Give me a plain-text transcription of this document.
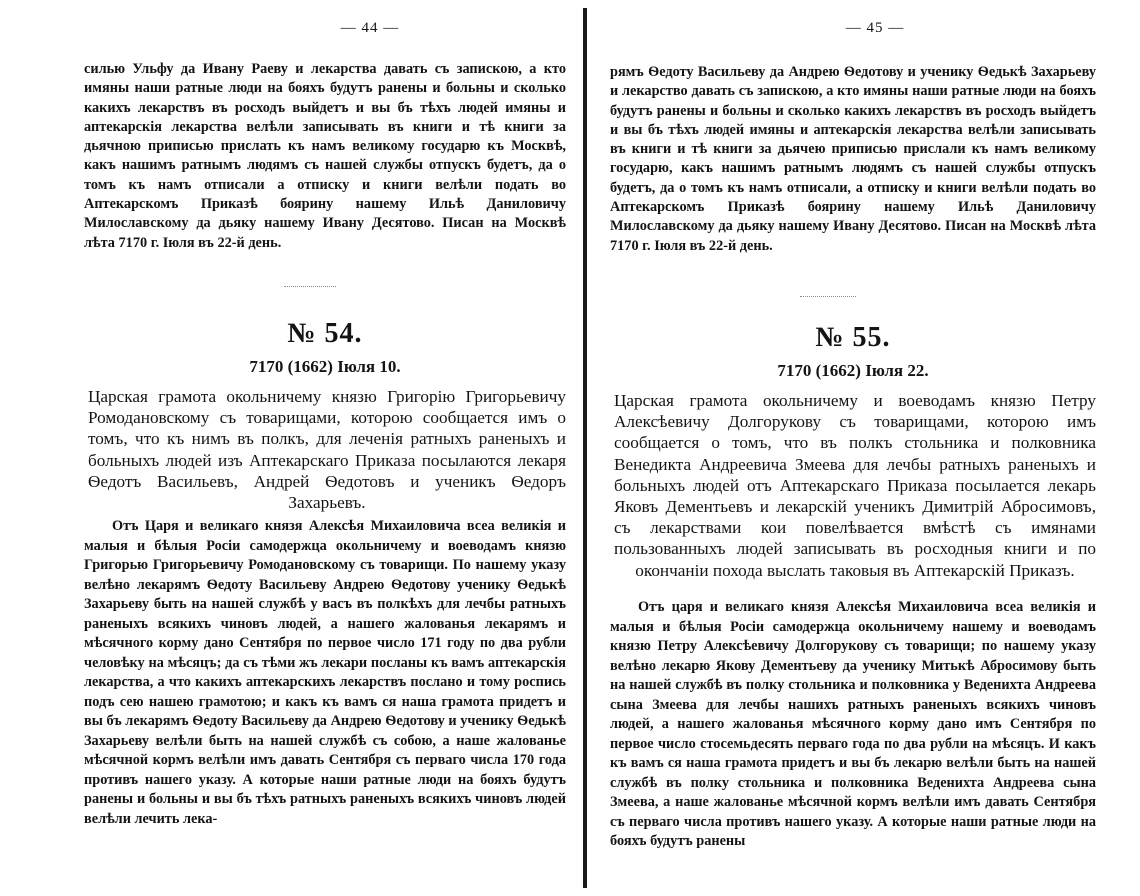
— 44 —

силью Ульфу да Ивану Раеву и лекарства давать съ запискою, а кто имяны наши ратные люди на бояхъ будутъ ранены и больны и сколько какихъ лекарствъ въ росходъ выйдетъ и вы бъ тѣхъ людей имяны и аптекарскія лекарства велѣли записывать въ книги и тѣ книги за дьячною приписью прислать къ намъ великому государю къ Москвѣ, какъ нашимъ ратнымъ людямъ съ нашей службы отпускъ будетъ, да о томъ къ намъ отписали а отписку и книги велѣли подать во Аптекарскомъ Приказѣ боярину нашему Ильѣ Даниловичу Милославскому да дьяку нашему Ивану Десятово. Писан на Москвѣ лѣта 7170 г. Іюля въ 22-й день.

№ 54.
7170 (1662) Іюля 10.
Царская грамота окольничему князю Григорію Григорьевичу Ромодановскому съ товарищами, которою сообщается имъ о томъ, что къ нимъ въ полкъ, для леченія ратныхъ раненыхъ и больныхъ людей изъ Аптекарскаго Приказа посылаются лекаря Ѳедотъ Васильевъ, Андрей Ѳедотовъ и ученикъ Ѳедоръ Захарьевъ.

Отъ Царя и великаго князя Алексѣя Михаиловича всеа великія и малыя и бѣлыя Росіи самодержца окольничему и воеводамъ князю Григорью Григорьевичу Ромодановскому съ товарищи. По нашему указу велѣно лекарямъ Ѳедоту Васильеву Андрею Ѳедотову ученику Ѳедькѣ Захарьеву быть на нашей службѣ у васъ въ полкѣхъ для лечбы ратныхъ раненыхъ всякихъ чиновъ людей, а нашего жалованья лекарямъ и мѣсячного корму дано Сентября по первое число 171 году по два рубли человѣку на мѣсяцъ; да съ тѣми жъ лекари посланы къ вамъ аптекарскія лекарства, а что какихъ аптекарскихъ лекарствъ послано и тому роспись подъ сею нашею грамотою; и какъ къ вамъ ся наша грамота придетъ и вы бъ лекарямъ Ѳедоту Васильеву да Андрею Ѳедотову и ученику Ѳедькѣ Захарьеву велѣли быть на нашей службѣ съ собою, а наше жалованье мѣсячной кормъ велѣли имъ давать Сентября съ перваго числа 170 года противъ нашего указу. А которые наши ратные люди на бояхъ будутъ ранены и больны и вы бъ тѣхъ ратныхъ раненыхъ всякихъ чиновъ людей велѣли лечить лека-

— 45 —

рямъ Ѳедоту Васильеву да Андрею Ѳедотову и ученику Ѳедькѣ Захарьеву и лекарство давать съ запискою, а кто имяны наши ратные люди на бояхъ будутъ ранены и больны и сколько какихъ лекарствъ въ росходъ выйдетъ и вы бъ тѣхъ людей имяны и аптекарскія лекарства велѣли записывать въ книги и тѣ книги за дьячею приписью прислали къ намъ великому государю, какъ нашимъ ратнымъ людямъ съ нашей службы отпускъ будетъ, да о томъ къ намъ отписали, а отписку и книги велѣли подать во Аптекарскомъ Приказѣ боярину нашему Ильѣ Даниловичу Милославскому да дьяку нашему Ивану Десятово. Писан на Москвѣ лѣта 7170 г. Іюля въ 22-й день.

№ 55.
7170 (1662) Іюля 22.
Царская грамота окольничему и воеводамъ князю Петру Алексѣевичу Долгорукову съ товарищами, которою имъ сообщается о томъ, что въ полкъ стольника и полковника Венедикта Андреевича Змеева для лечбы ратныхъ раненыхъ и больныхъ людей отъ Аптекарскаго Приказа посылается лекарь Яковъ Дементьевъ и лекарскій ученикъ Димитрій Абросимовъ, съ лекарствами кои повелѣвается вмѣстѣ съ имянами пользованныхъ людей записывать въ росходныя книги и по окончаніи похода выслать таковыя въ Аптекарскій Приказъ.

Отъ царя и великаго князя Алексѣя Михаиловича всеа великія и малыя и бѣлыя Росіи самодержца окольничему нашему и воеводамъ князю Петру Алексѣевичу Долгорукову съ товарищи; по нашему указу велѣно лекарю Якову Дементьеву да ученику Митькѣ Абросимову быть на нашей службѣ въ полку стольника и полковника у Веденихта Андреева сына Змеева для лечбы нашихъ ратныхъ раненыхъ всякихъ чиновъ людей, а нашего жалованья мѣсячного корму дано имъ Сентября по первое число стосемьдесять перваго года по два рубли на мѣсяцъ. И какъ къ вамъ ся наша грамота придетъ и вы бъ лекарю велѣли быть на нашей службѣ въ полку стольника и полковника Веденихта Андреева сына Змеева, а наше жалованье мѣсячной кормъ велѣли имъ давать Сентября съ перваго числа противъ нашего указу. А которые наши ратные люди на бояхъ будутъ ранены
